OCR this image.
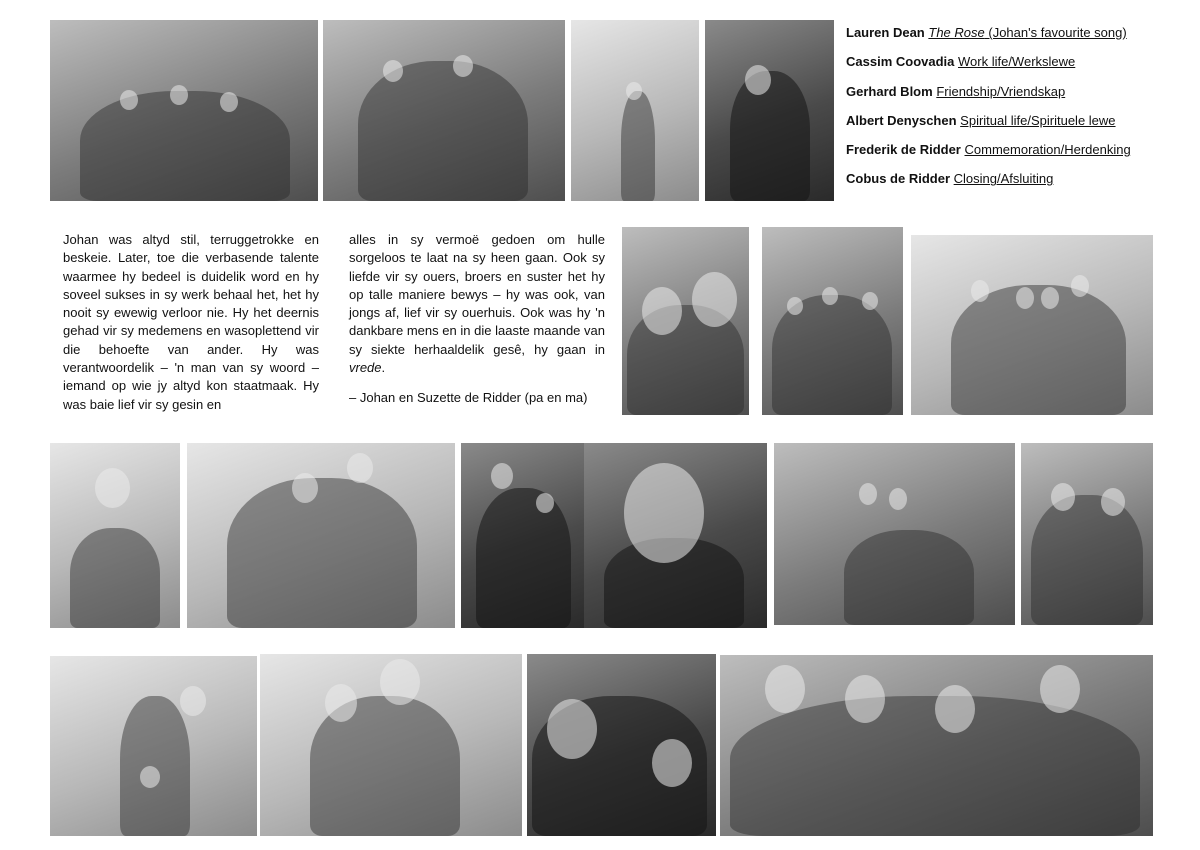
Lauren Dean The Rose (Johan's favourite song)
Cassim Coovadia Work life/Werkslewe
Gerhard Blom Friendship/Vriendskap
Albert Denyschen Spiritual life/Spirituele lewe
Frederik de Ridder Commemoration/Herdenking
Cobus de Ridder Closing/Afsluiting

Johan was altyd stil, terruggetrokke en beskeie. Later, toe die verbasende talente waarmee hy bedeel is duidelik word en hy soveel sukses in sy werk behaal het, het hy nooit sy ewewig verloor nie. Hy het deernis gehad vir sy medemens en wasoplettend vir die behoefte van ander. Hy was verantwoordelik – 'n man van sy woord – iemand op wie jy altyd kon staatmaak. Hy was baie lief vir sy gesin en

alles in sy vermoë gedoen om hulle sorgeloos te laat na sy heen gaan. Ook sy liefde vir sy ouers, broers en suster het hy op talle maniere bewys – hy was ook, van jongs af, lief vir sy ouerhuis. Ook was hy 'n dankbare mens en in die laaste maande van sy siekte herhaaldelik gesê, hy gaan in vrede.

– Johan en Suzette de Ridder (pa en ma)
